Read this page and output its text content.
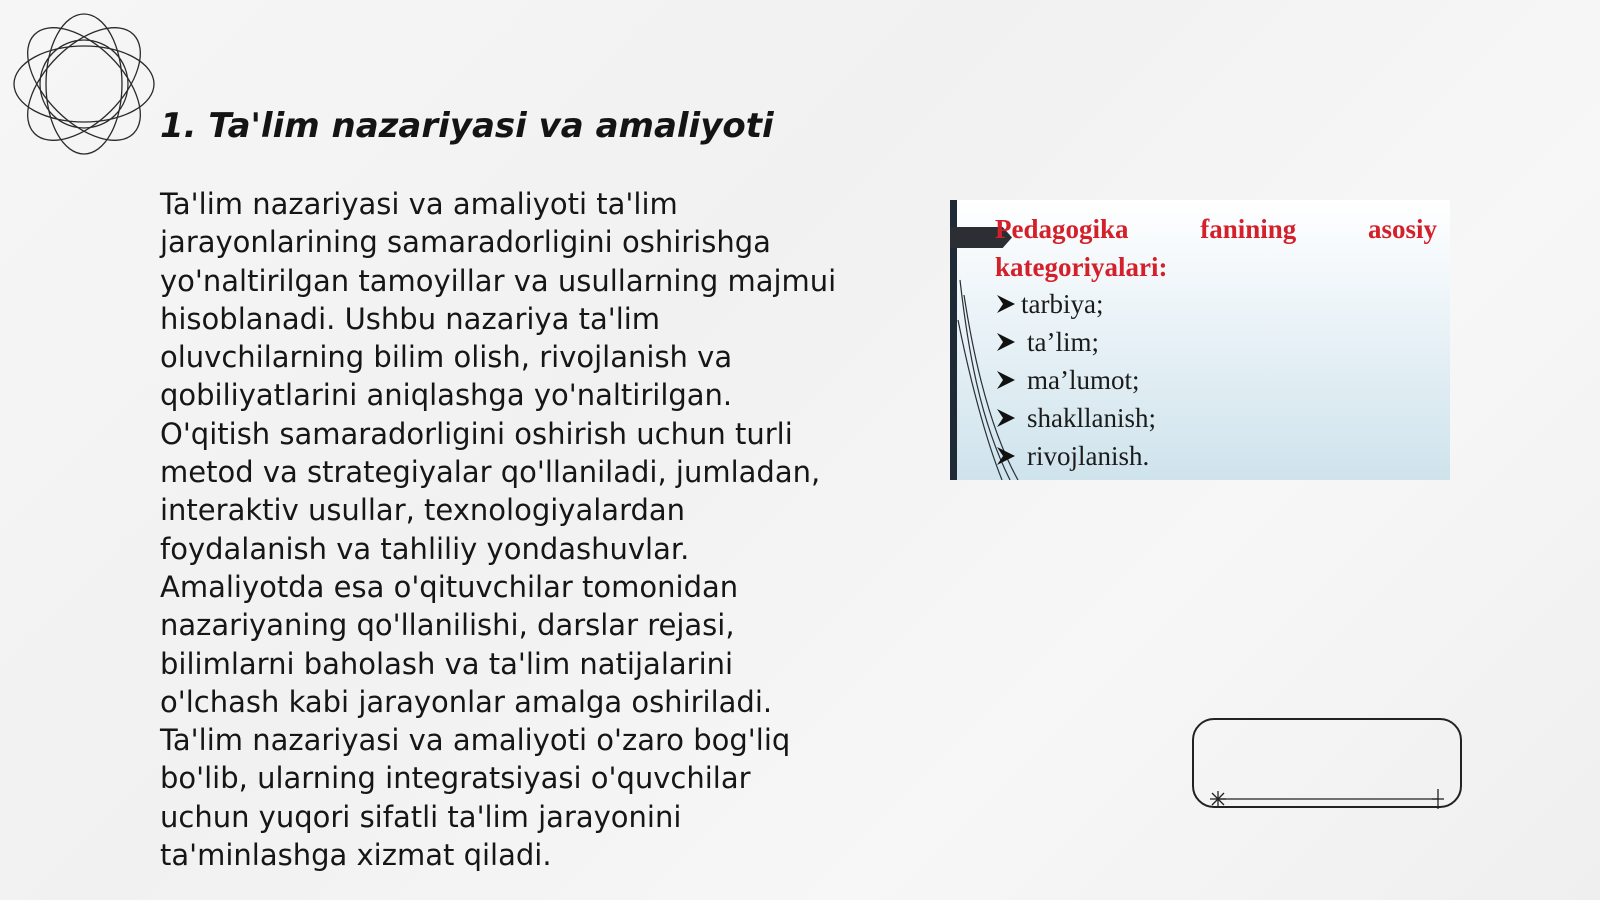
1. Ta'lim nazariyasi va amaliyoti

Ta'lim nazariyasi va amaliyoti ta'lim jarayonlarining samaradorligini oshirishga yo'naltirilgan tamoyillar va usullarning majmui hisoblanadi. Ushbu nazariya ta'lim oluvchilarning bilim olish, rivojlanish va qobiliyatlarini aniqlashga yo'naltirilgan. O'qitish samaradorligini oshirish uchun turli metod va strategiyalar qo'llaniladi, jumladan, interaktiv usullar, texnologiyalardan foydalanish va tahliliy yondashuvlar. Amaliyotda esa o'qituvchilar tomonidan nazariyaning qo'llanilishi, darslar rejasi, bilimlarni baholash va ta'lim natijalarini o'lchash kabi jarayonlar amalga oshiriladi. Ta'lim nazariyasi va amaliyoti o'zaro bog'liq bo'lib, ularning integratsiyasi o'quvchilar uchun yuqori sifatli ta'lim jarayonini ta'minlashga xizmat qiladi.

Pedagogika fanining asosiy kategoriyalari:

tarbiya;
ta’lim;
ma’lumot;
shakllanish;
rivojlanish.
